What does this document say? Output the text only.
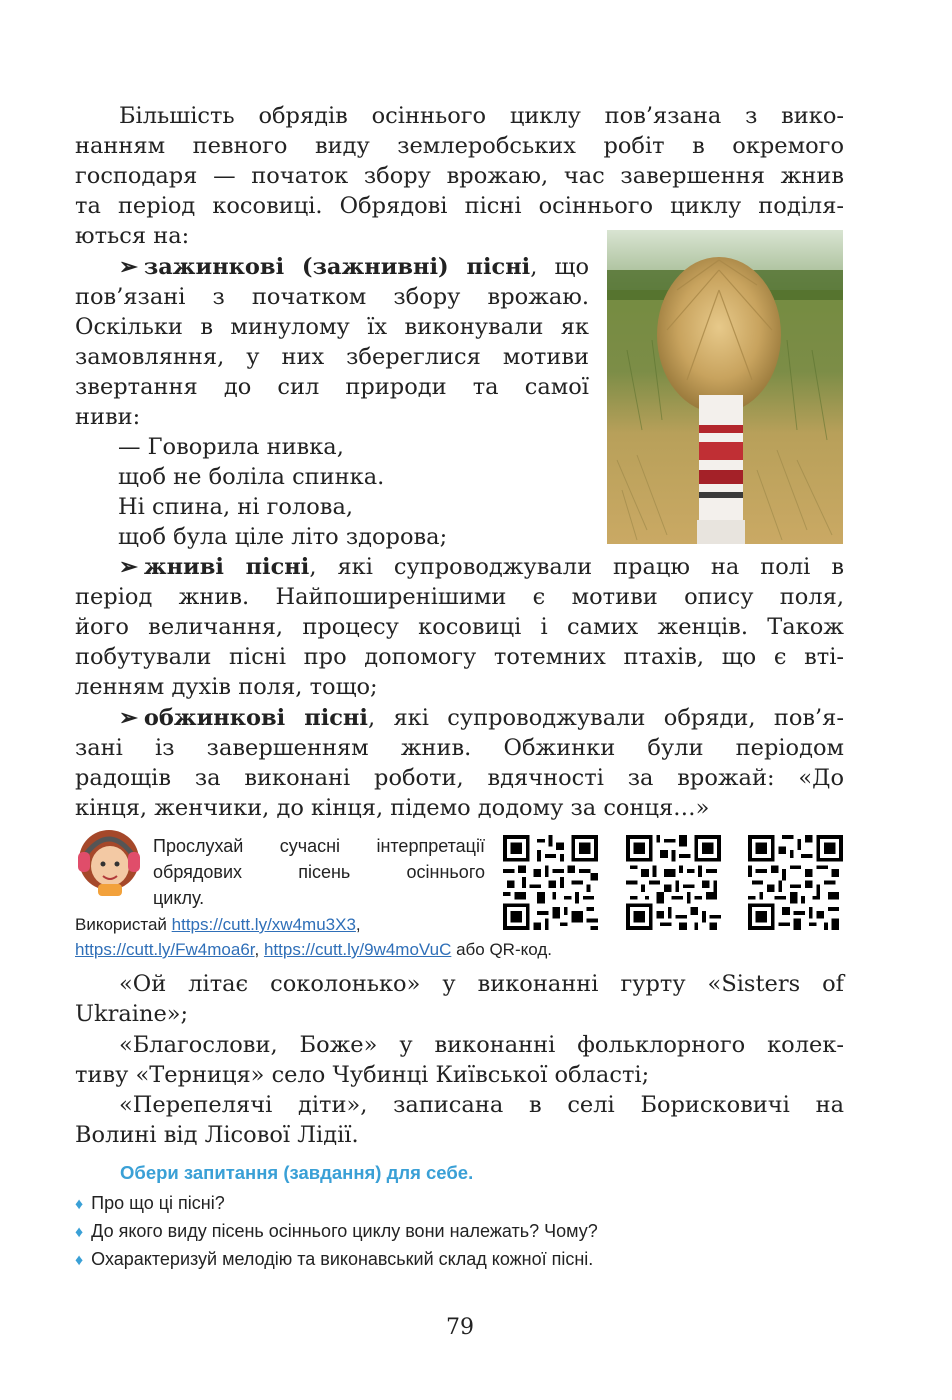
Більшість обрядів осіннього циклу пов’язана з вико-
нанням певного виду землеробських робіт в окремого
господаря — початок збору врожаю, час завершення жнив
та період косовиці. Обрядові пісні осіннього циклу поділя-
ються на:
➢ зажинкові (зажнивні) пісні, що
пов’язані з початком збору врожаю.
Оскільки в минулому їх виконували як
замовляння, у них збереглися мотиви
звертання до сил природи та самої
ниви:
— Говорила нивка,
щоб не боліла спинка.
Ні спина, ні голова,
щоб була ціле літо здорова;
➢ жниві пісні, які супроводжували працю на полі в
період жнив. Найпоширенішими є мотиви опису поля,
його величання, процесу косовиці і самих женців. Також
побутували пісні про допомогу тотемних птахів, що є вті-
ленням духів поля, тощо;
➢ обжинкові пісні, які супроводжували обряди, пов’я-
зані із завершенням жнив. Обжинки були періодом
радощів за виконані роботи, вдячності за врожай: «До
кінця, женчики, до кінця, підемо додому за сонця…»
Прослухай сучасні інтерпретації
обрядових пісень осіннього
циклу.
Використай https://cutt.ly/xw4mu3X3,
https://cutt.ly/Fw4moa6r, https://cutt.ly/9w4moVuC або QR-код.
«Ой літає соколонько» у виконанні гурту «Sisters of
Ukraine»;
«Благослови, Боже» у виконанні фольклорного колек-
тиву «Терниця» село Чубинці Київської області;
«Перепелячі діти», записана в селі Борисковичі на
Волині від Лісової Лідії.
Обери запитання (завдання) для себе.
♦ Про що ці пісні?
♦ До якого виду пісень осіннього циклу вони належать? Чому?
♦ Охарактеризуй мелодію та виконавський склад кожної пісні.
79
